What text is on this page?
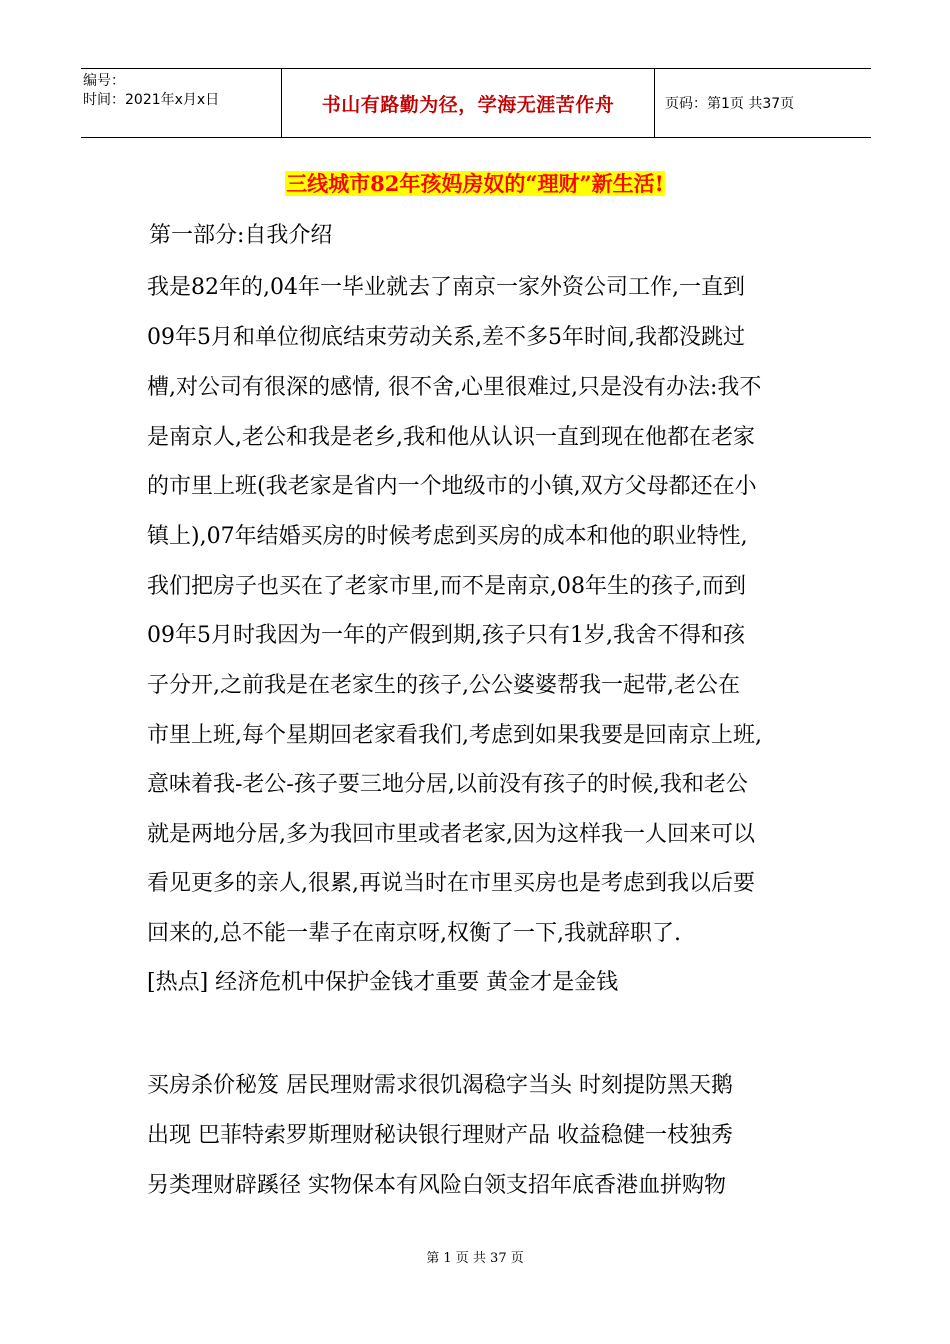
编号：
时间：2021年x月x日	书山有路勤为径，学海无涯苦作舟	页码：第1页 共37页
三线城市82年孩妈房奴的“理财”新生活!
第一部分:自我介绍
我是82年的,04年一毕业就去了南京一家外资公司工作,一直到
09年5月和单位彻底结束劳动关系,差不多5年时间,我都没跳过
槽,对公司有很深的感情, 很不舍,心里很难过,只是没有办法:我不
是南京人,老公和我是老乡,我和他从认识一直到现在他都在老家
的市里上班(我老家是省内一个地级市的小镇,双方父母都还在小
镇上),07年结婚买房的时候考虑到买房的成本和他的职业特性,
我们把房子也买在了老家市里,而不是南京,08年生的孩子,而到
09年5月时我因为一年的产假到期,孩子只有1岁,我舍不得和孩
子分开,之前我是在老家生的孩子,公公婆婆帮我一起带,老公在
市里上班,每个星期回老家看我们,考虑到如果我要是回南京上班,
意味着我-老公-孩子要三地分居,以前没有孩子的时候,我和老公
就是两地分居,多为我回市里或者老家,因为这样我一人回来可以
看见更多的亲人,很累,再说当时在市里买房也是考虑到我以后要
回来的,总不能一辈子在南京呀,权衡了一下,我就辞职了.
[热点] 经济危机中保护金钱才重要 黄金才是金钱
买房杀价秘笈 居民理财需求很饥渴稳字当头 时刻提防黑天鹅
出现 巴菲特索罗斯理财秘诀银行理财产品 收益稳健一枝独秀
另类理财辟蹊径 实物保本有风险白领支招年底香港血拼购物
第 1 页 共 37 页
